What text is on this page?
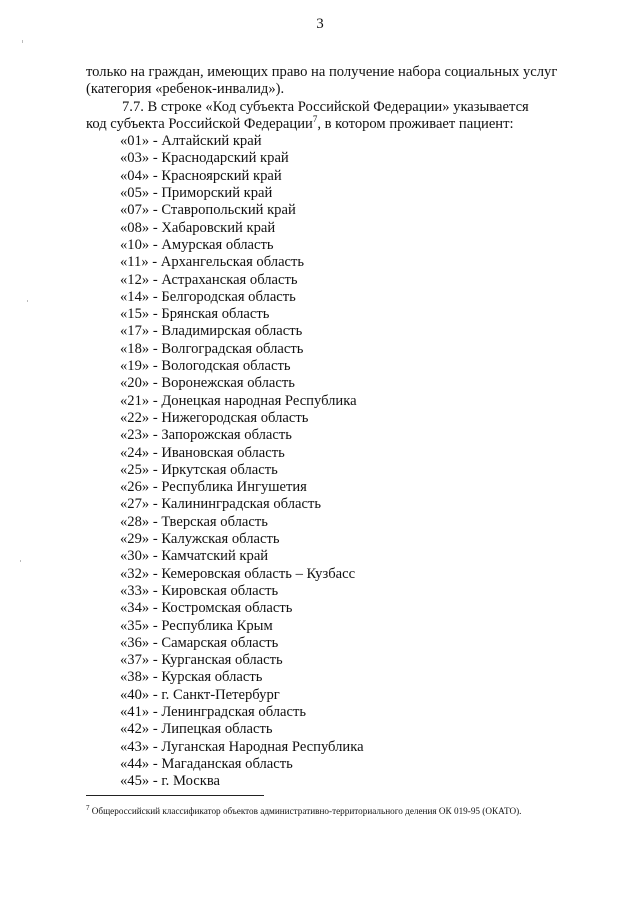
3

только на граждан, имеющих право на получение набора социальных услуг
(категория «ребенок-инвалид»).

7.7. В строке «Код субъекта Российской Федерации» указывается
код субъекта Российской Федерации$^7$, в котором проживает пациент:

«01» - Алтайский край
«03» - Краснодарский край
«04» - Красноярский край
«05» - Приморский край
«07» - Ставропольский край
«08» - Хабаровский край
«10» - Амурская область
«11» - Архангельская область
«12» - Астраханская область
«14» - Белгородская область
«15» - Брянская область
«17» - Владимирская область
«18» - Волгоградская область
«19» - Вологодская область
«20» - Воронежская область
«21» - Донецкая народная Республика
«22» - Нижегородская область
«23» - Запорожская область
«24» - Ивановская область
«25» - Иркутская область
«26» - Республика Ингушетия
«27» - Калининградская область
«28» - Тверская область
«29» - Калужская область
«30» - Камчатский край
«32» - Кемеровская область – Кузбасс
«33» - Кировская область
«34» - Костромская область
«35» - Республика Крым
«36» - Самарская область
«37» - Курганская область
«38» - Курская область
«40» - г. Санкт-Петербург
«41» - Ленинградская область
«42» - Липецкая область
«43» - Луганская Народная Республика
«44» - Магаданская область
«45» - г. Москва
$^7$ Общероссийский классификатор объектов административно-территориального деления ОК 019-95 (ОКАТО).
